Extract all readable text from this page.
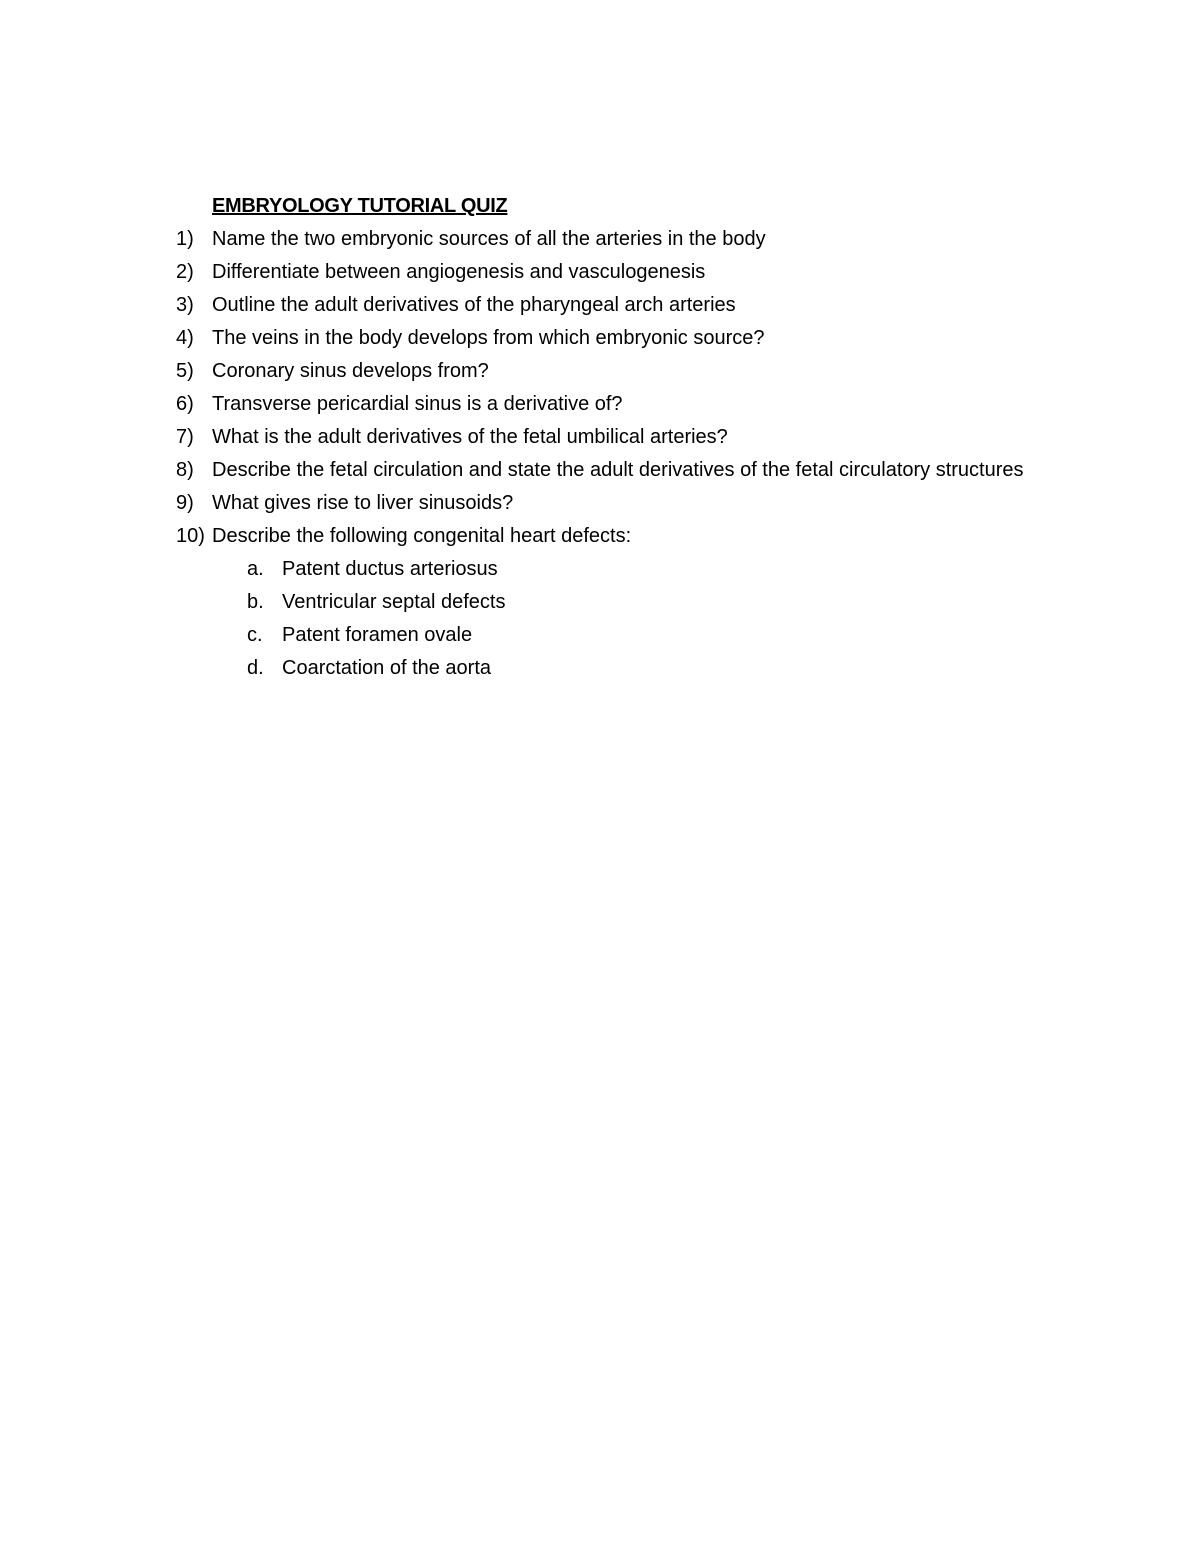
EMBRYOLOGY TUTORIAL QUIZ
1) Name the two embryonic sources of all the arteries in the body
2) Differentiate between angiogenesis and vasculogenesis
3) Outline the adult derivatives of the pharyngeal arch arteries
4) The veins in the body develops from which embryonic source?
5) Coronary sinus develops from?
6) Transverse pericardial sinus is a derivative of?
7) What is the adult derivatives of the fetal umbilical arteries?
8) Describe the fetal circulation and state the adult derivatives of the fetal circulatory structures
9) What gives rise to liver sinusoids?
10) Describe the following congenital heart defects:
a. Patent ductus arteriosus
b. Ventricular septal defects
c. Patent foramen ovale
d. Coarctation of the aorta
